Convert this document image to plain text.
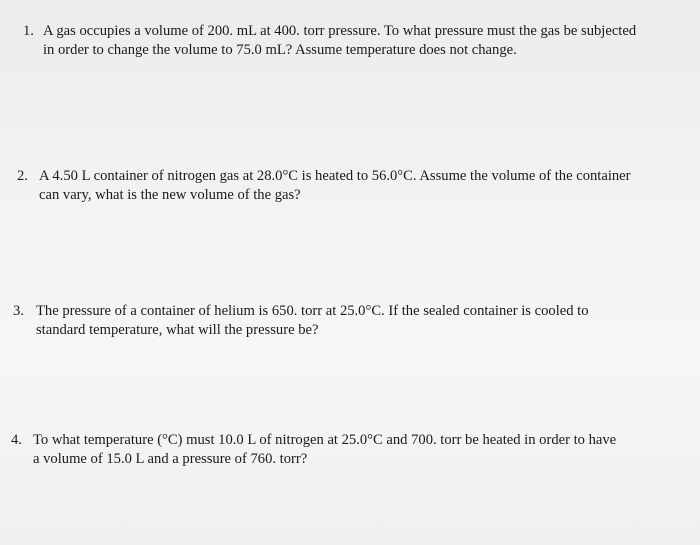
1. A gas occupies a volume of 200. mL at 400. torr pressure. To what pressure must the gas be subjected
in order to change the volume to 75.0 mL? Assume temperature does not change.
2. A 4.50 L container of nitrogen gas at 28.0°C is heated to 56.0°C. Assume the volume of the container
can vary, what is the new volume of the gas?
3. The pressure of a container of helium is 650. torr at 25.0°C. If the sealed container is cooled to
standard temperature, what will the pressure be?
4. To what temperature (°C) must 10.0 L of nitrogen at 25.0°C and 700. torr be heated in order to have
a volume of 15.0 L and a pressure of 760. torr?
